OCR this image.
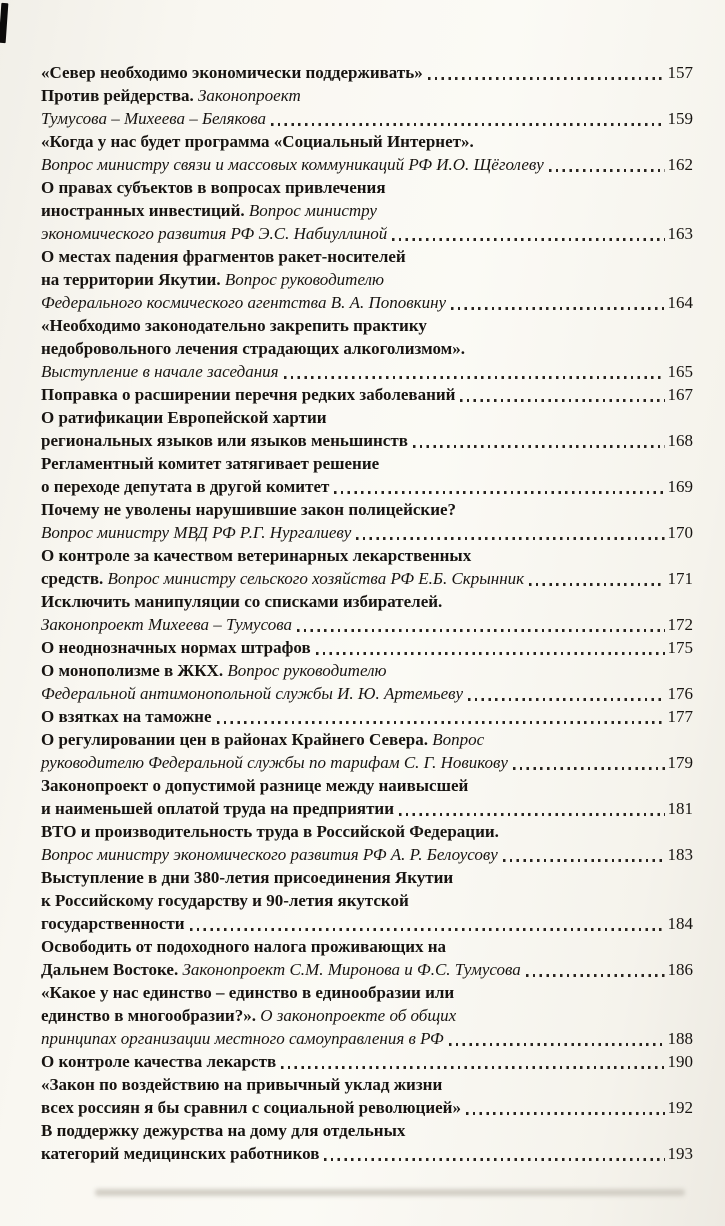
«Север необходимо экономически поддерживать»	157
Против рейдерства. Законопроект
Тумусова – Михеева – Белякова	159
«Когда у нас будет программа «Социальный Интернет».
Вопрос министру связи и массовых коммуникаций РФ И.О. Щёголеву	162
О правах субъектов в вопросах привлечения
иностранных инвестиций. Вопрос министру
экономического развития РФ Э.С. Набиуллиной	163
О местах падения фрагментов ракет-носителей
на территории Якутии. Вопрос руководителю
Федерального космического агентства В. А. Поповкину	164
«Необходимо законодательно закрепить практику
недобровольного лечения страдающих алкоголизмом».
Выступление в начале заседания	165
Поправка о расширении перечня редких заболеваний	167
О ратификации Европейской хартии
региональных языков или языков меньшинств	168
Регламентный комитет затягивает решение
о переходе депутата в другой комитет	169
Почему не уволены нарушившие закон полицейские?
Вопрос министру МВД РФ Р.Г. Нургалиеву	170
О контроле за качеством ветеринарных лекарственных
средств. Вопрос министру сельского хозяйства РФ Е.Б. Скрынник	171
Исключить манипуляции со списками избирателей.
Законопроект Михеева – Тумусова	172
О неоднозначных нормах штрафов	175
О монополизме в ЖКХ. Вопрос руководителю
Федеральной антимонопольной службы И. Ю. Артемьеву	176
О взятках на таможне	177
О регулировании цен в районах Крайнего Севера. Вопрос
руководителю Федеральной службы по тарифам С. Г. Новикову	179
Законопроект о допустимой разнице между наивысшей
и наименьшей оплатой труда на предприятии	181
ВТО и производительность труда в Российской Федерации.
Вопрос министру экономического развития РФ А. Р. Белоусову	183
Выступление в дни 380-летия присоединения Якутии
к Российскому государству и 90-летия якутской
государственности	184
Освободить от подоходного налога проживающих на
Дальнем Востоке. Законопроект С.М. Миронова и Ф.С. Тумусова	186
«Какое у нас единство – единство в единообразии или
единство в многообразии?». О законопроекте об общих
принципах организации местного самоуправления в РФ	188
О контроле качества лекарств	190
«Закон по воздействию на привычный уклад жизни
всех россиян я бы сравнил с социальной революцией»	192
В поддержку дежурства на дому для отдельных
категорий медицинских работников	193
